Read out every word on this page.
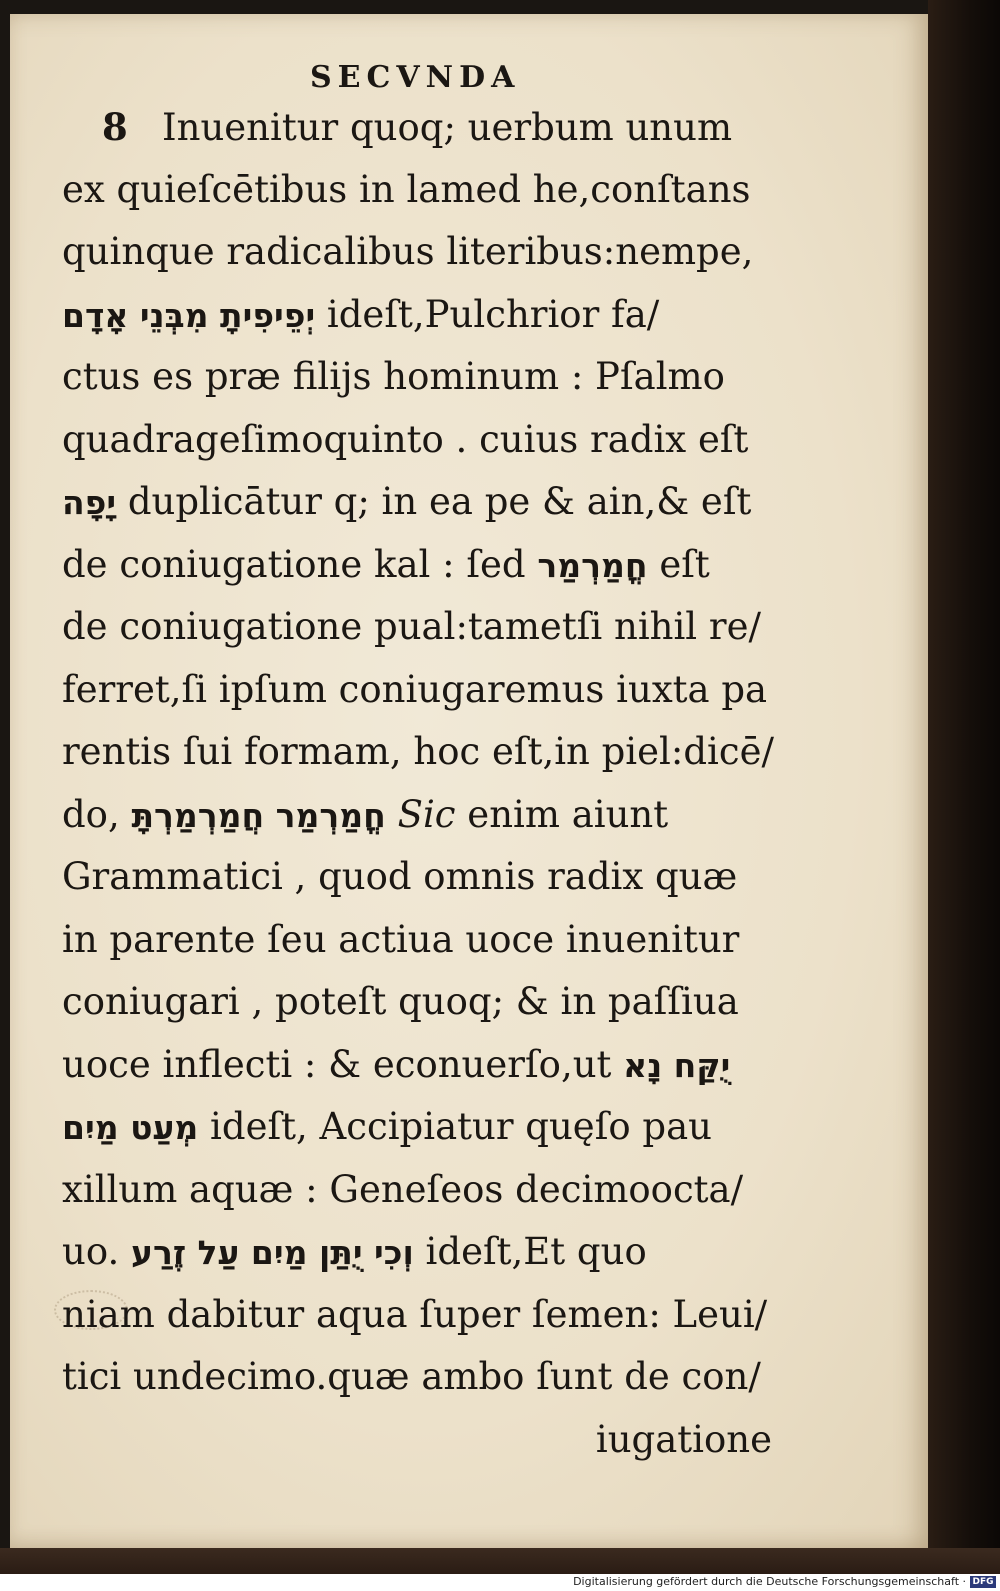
SECVNDA
8 Inuenitur quoq; uerbum unum
ex quieſcētibus in lamed he,conſtans
quinque radicalibus literibus:nempe,
יְפֵיפִיתָ מִבְּנֵי אָדָם ideſt,Pulchrior fa/
ctus es præ filijs hominum : Pſalmo
quadrageſimoquinto . cuius radix eſt
יָפָה duplicātur q; in ea pe & ain,& eſt
de coniugatione kal : ſed חֳמַרְמַר eſt
de coniugatione pual:tametſi nihil re/
ferret,ſi ipſum coniugaremus iuxta pa
rentis ſui formam, hoc eſt,in piel:dicē/
do, חֳמַרְמַר חֲמַרְמַרְתָּ Sic enim aiunt
Grammatici , quod omnis radix quæ
in parente ſeu actiua uoce inuenitur
coniugari , poteſt quoq; & in paſſiua
uoce inflecti : & econuerſo,ut יֻקַּח נָא
מְעַט מַיִם ideſt, Accipiatur quęſo pau
xillum aquæ : Geneſeos decimoocta/
uo. וְכִי יֻתַּן מַיִם עַל זֶרַע ideſt,Et quo
niam dabitur aqua ſuper ſemen: Leui/
tici undecimo.quæ ambo ſunt de con/
iugatione
Digitalisierung gefördert durch die Deutsche Forschungsgemeinschaft · DFG
